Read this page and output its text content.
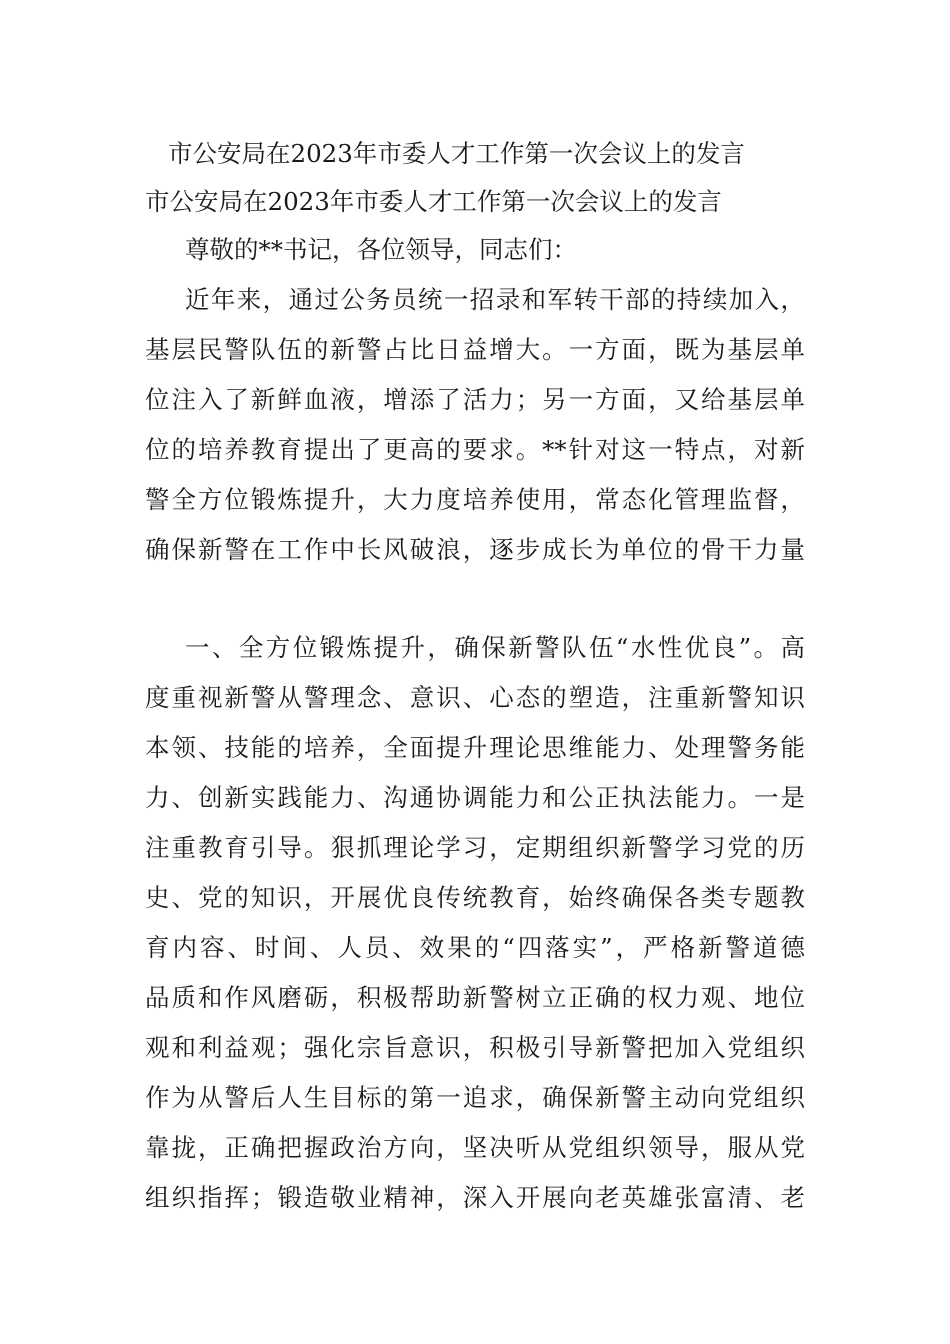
市公安局在2023年市委人才工作第一次会议上的发言
市公安局在2023年市委人才工作第一次会议上的发言
尊敬的**书记，各位领导，同志们：
近年来，通过公务员统一招录和军转干部的持续加入，
基层民警队伍的新警占比日益增大。一方面，既为基层单
位注入了新鲜血液，增添了活力；另一方面，又给基层单
位的培养教育提出了更高的要求。**针对这一特点，对新
警全方位锻炼提升，大力度培养使用，常态化管理监督，
确保新警在工作中长风破浪，逐步成长为单位的骨干力量
一、全方位锻炼提升，确保新警队伍“水性优良”。高
度重视新警从警理念、意识、心态的塑造，注重新警知识
本领、技能的培养，全面提升理论思维能力、处理警务能
力、创新实践能力、沟通协调能力和公正执法能力。一是
注重教育引导。狠抓理论学习，定期组织新警学习党的历
史、党的知识，开展优良传统教育，始终确保各类专题教
育内容、时间、人员、效果的“四落实”，严格新警道德
品质和作风磨砺，积极帮助新警树立正确的权力观、地位
观和利益观；强化宗旨意识，积极引导新警把加入党组织
作为从警后人生目标的第一追求，确保新警主动向党组织
靠拢，正确把握政治方向，坚决听从党组织领导，服从党
组织指挥；锻造敬业精神，深入开展向老英雄张富清、老
